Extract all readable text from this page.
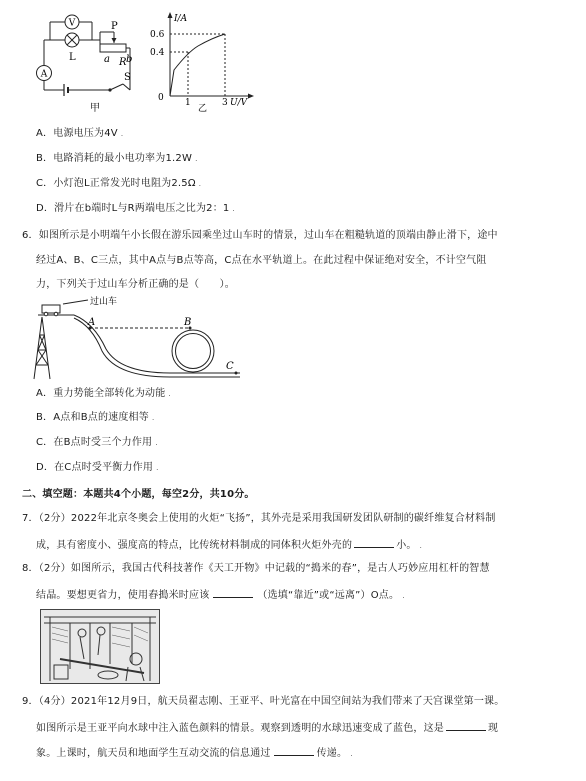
V
A
L
P
a R b
S
甲
I/A
0.6
0.4
0 1	3 U/V
乙
A．电源电压为4V .
B．电路消耗的最小电功率为1.2W .
C．小灯泡L正常发光时电阻为2.5Ω .
D．滑片在b端时L与R两端电压之比为2：1 .
6．如图所示是小明端午小长假在游乐园乘坐过山车时的情景，过山车在粗糙轨道的顶端由静止滑下，途中
经过A、B、C三点，其中A点与B点等高，C点在水平轨道上。在此过程中保证绝对安全，不计空气阻
力，下列关于过山车分析正确的是（　　）。
过山车
A	B
C
A．重力势能全部转化为动能 .
B．A点和B点的速度相等 .
C．在B点时受三个力作用 .
D．在C点时受平衡力作用 .
二、填空题：本题共4个小题，每空2分，共10分。
7．（2分）2022年北京冬奥会上使用的火炬“飞扬”，其外壳是采用我国研发团队研制的碳纤维复合材料制
成，具有密度小、强度高的特点，比传统材料制成的同体积火炬外壳的	小。 .
8．（2分）如图所示，我国古代科技著作《天工开物》中记载的“搗米的春”，是古人巧妙应用杠杆的智慧
结晶。要想更省力，使用舂搗米时应该	（选填“靠近”或“远离”）O点。 .
9．（4分）2021年12月9日，航天员翟志刚、王亚平、叶光富在中国空间站为我们带来了天宫课堂第一课。
如图所示是王亚平向水球中注入蓝色颜料的情景。观察到透明的水球迅速变成了蓝色，这是	现
象。上课时，航天员和地面学生互动交流的信息通过	传递。 .
